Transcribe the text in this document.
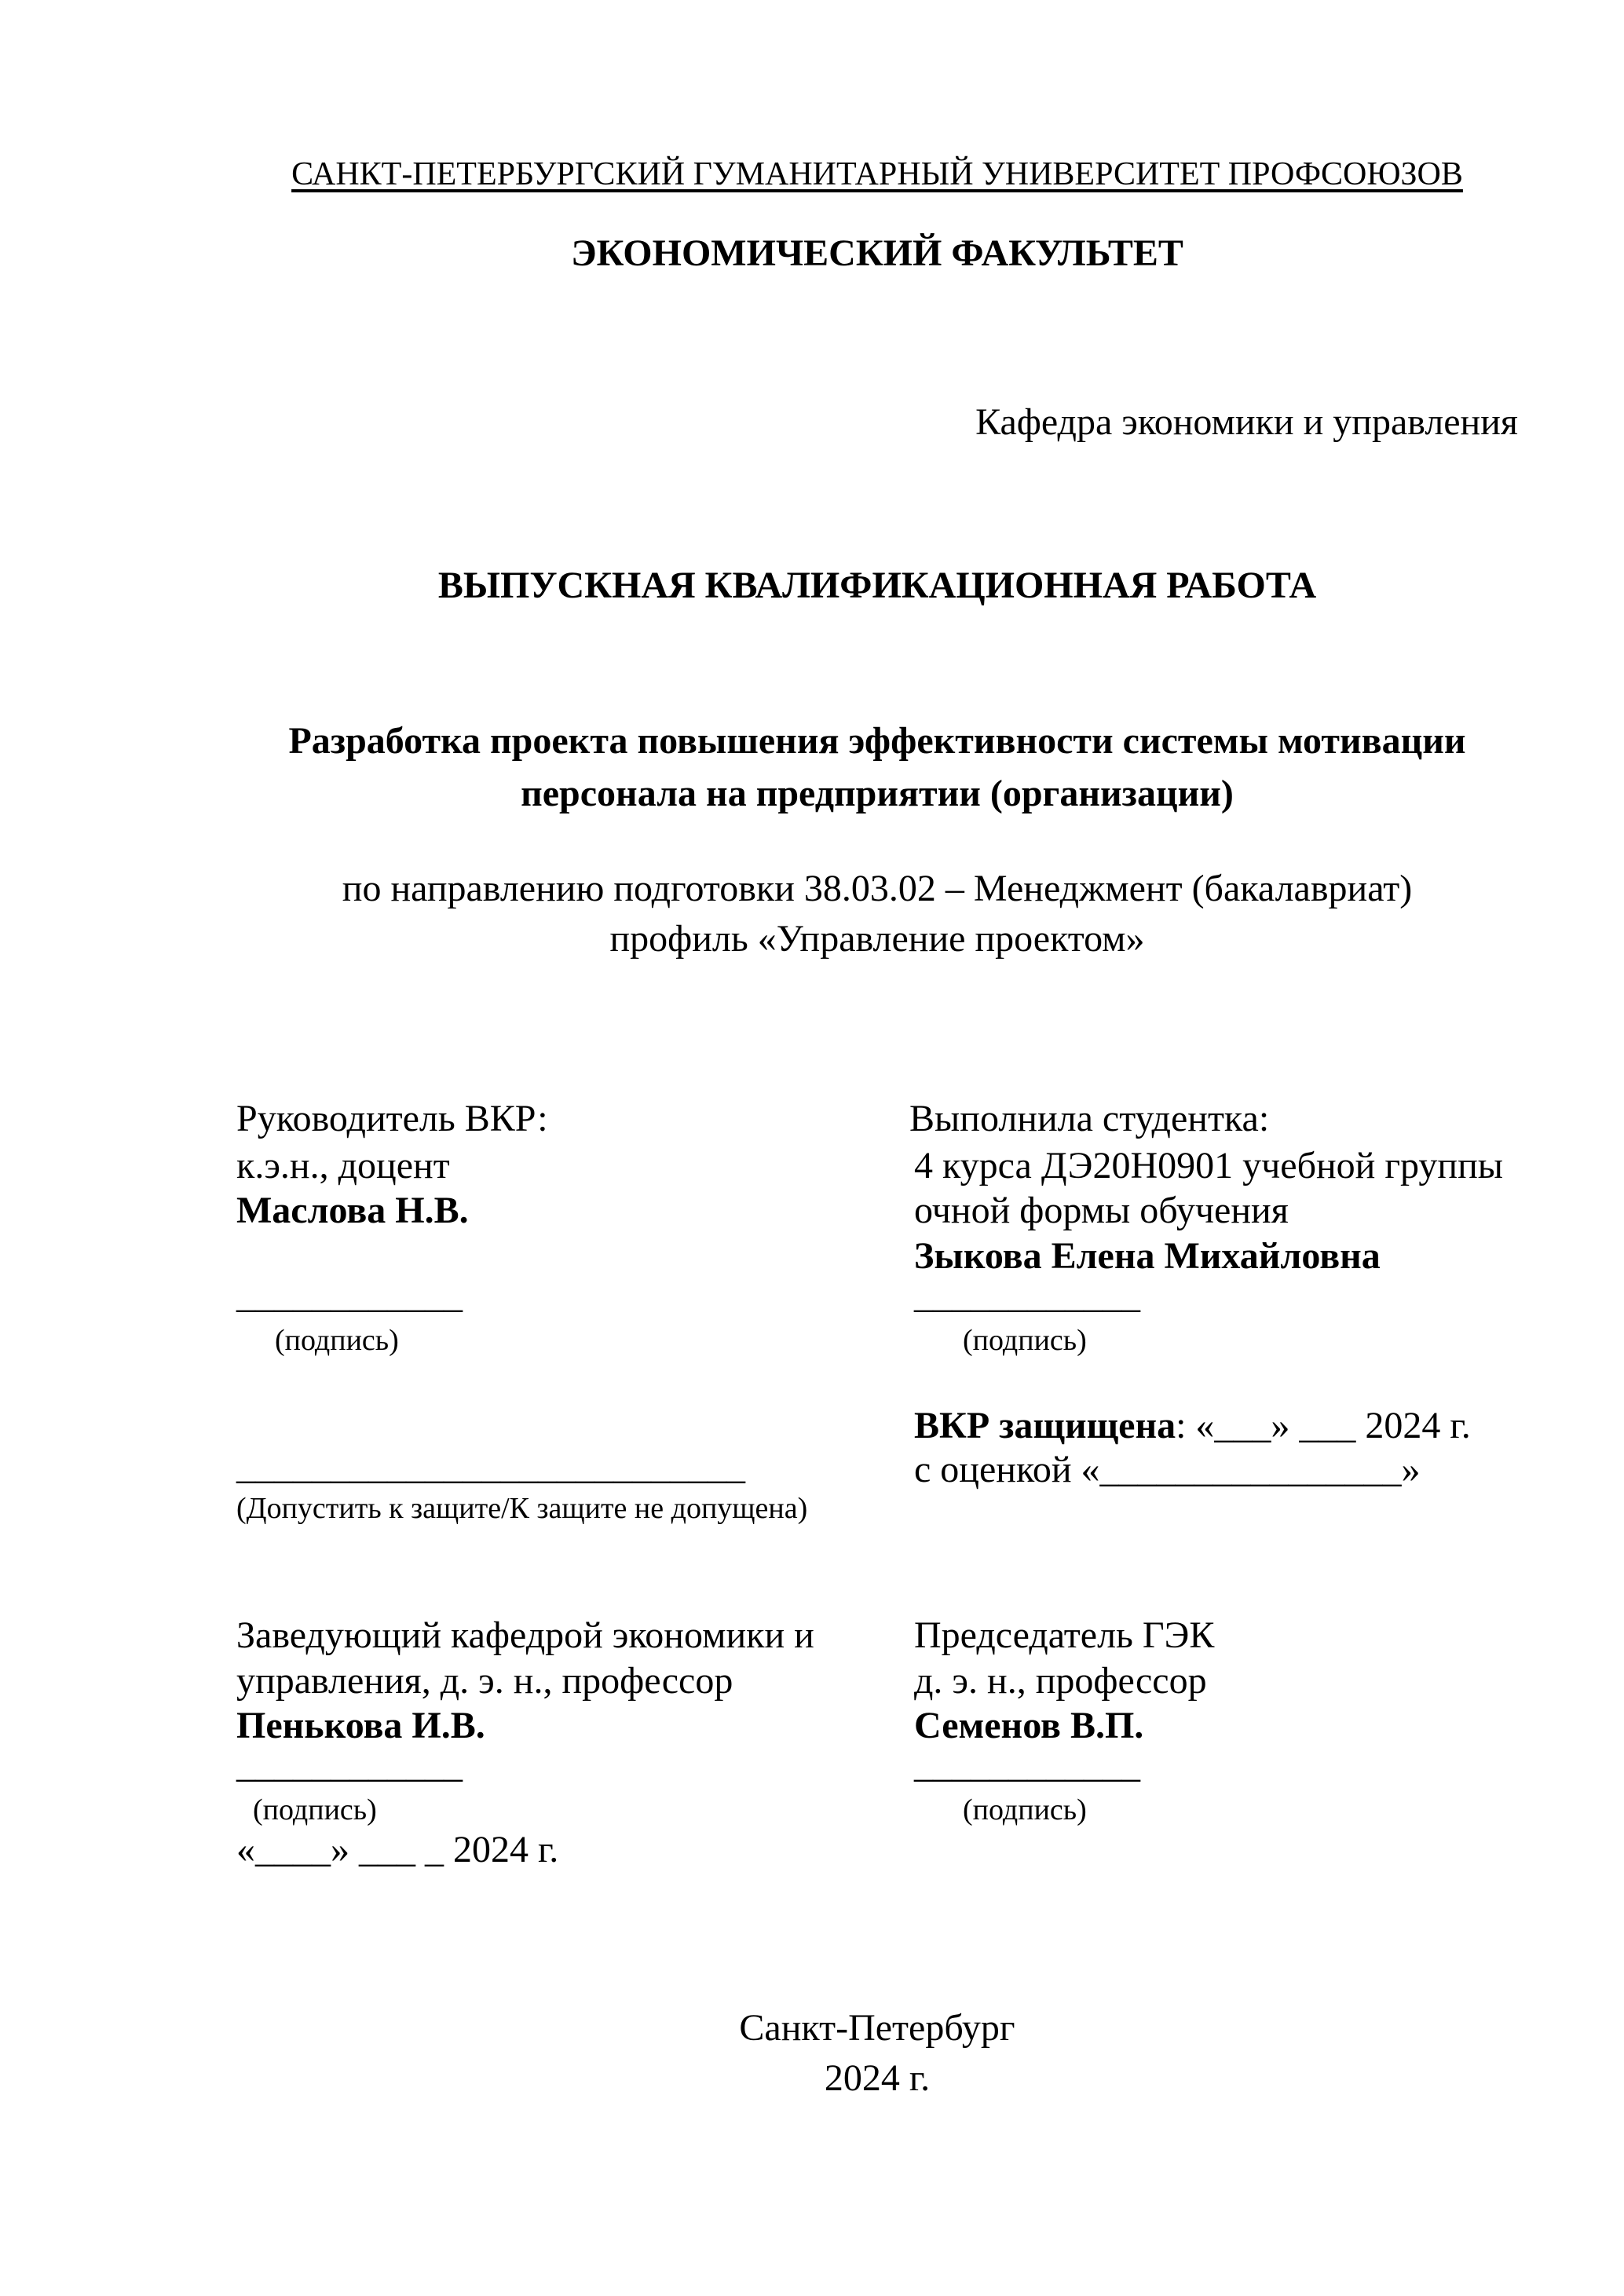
САНКТ-ПЕТЕРБУРГСКИЙ ГУМАНИТАРНЫЙ УНИВЕРСИТЕТ ПРОФСОЮЗОВ
ЭКОНОМИЧЕСКИЙ ФАКУЛЬТЕТ
Кафедра экономики и управления
ВЫПУСКНАЯ КВАЛИФИКАЦИОННАЯ РАБОТА
Разработка проекта повышения эффективности системы мотивации
персонала на предприятии (организации)
по направлению подготовки 38.03.02 – Менеджмент (бакалавриат)
профиль «Управление проектом»
Руководитель ВКР:
к.э.н., доцент
Маслова Н.В.
____________
(подпись)
Выполнила студентка:
4 курса ДЭ20Н0901 учебной группы
очной формы обучения
Зыкова Елена Михайловна
____________
(подпись)
ВКР защищена: «___» ___ 2024 г.
с оценкой «________________»
___________________________
(Допустить к защите/К защите не допущена)
Заведующий кафедрой экономики и
управления, д. э. н., профессор
Пенькова И.В.
____________
(подпись)
«____» ___ _ 2024 г.
Председатель ГЭК
д. э. н., профессор
Семенов В.П.
____________
(подпись)
Санкт-Петербург
2024 г.
